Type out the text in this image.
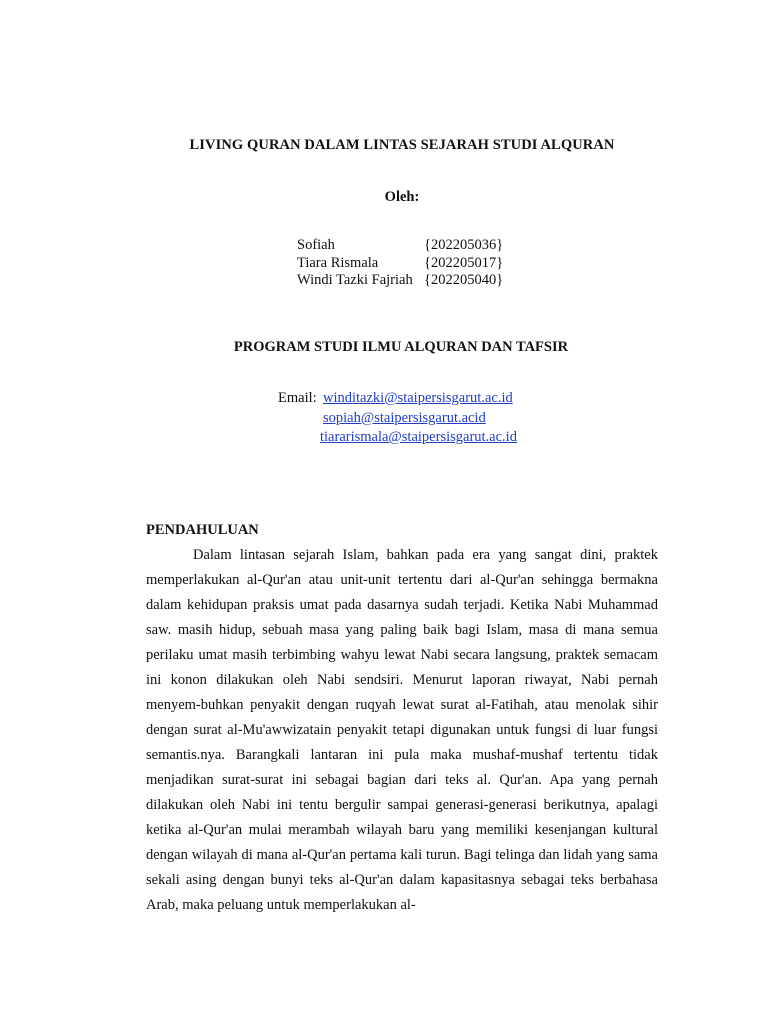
LIVING QURAN DALAM LINTAS SEJARAH STUDI ALQURAN
Oleh:
Sofiah	{202205036}
Tiara Rismala	{202205017}
Windi Tazki Fajriah {202205040}
PROGRAM STUDI ILMU ALQURAN DAN TAFSIR
Email: winditazki@staipersisgarut.ac.id
sopiah@staipersisgarut.acid
tiararismala@staipersisgarut.ac.id
PENDAHULUAN

Dalam lintasan sejarah Islam, bahkan pada era yang sangat dini, praktek memperlakukan al-Qur'an atau unit-unit tertentu dari al-Qur'an sehingga bermakna dalam kehidupan praksis umat pada dasarnya sudah terjadi. Ketika Nabi Muhammad saw. masih hidup, sebuah masa yang paling baik bagi Islam, masa di mana semua perilaku umat masih terbimbing wahyu lewat Nabi secara langsung, praktek semacam ini konon dilakukan oleh Nabi sendsiri. Menurut laporan riwayat, Nabi pernah menyem-buhkan penyakit dengan ruqyah lewat surat al-Fatihah, atau menolak sihir dengan surat al-Mu'awwizatain penyakit tetapi digunakan untuk fungsi di luar fungsi semantis.nya. Barangkali lantaran ini pula maka mushaf-mushaf tertentu tidak menjadikan surat-surat ini sebagai bagian dari teks al. Qur'an. Apa yang pernah dilakukan oleh Nabi ini tentu bergulir sampai generasi-generasi berikutnya, apalagi ketika al-Qur'an mulai merambah wilayah baru yang memiliki kesenjangan kultural dengan wilayah di mana al-Qur'an pertama kali turun. Bagi telinga dan lidah yang sama sekali asing dengan bunyi teks al-Qur'an dalam kapasitasnya sebagai teks berbahasa Arab, maka peluang untuk memperlakukan al-
